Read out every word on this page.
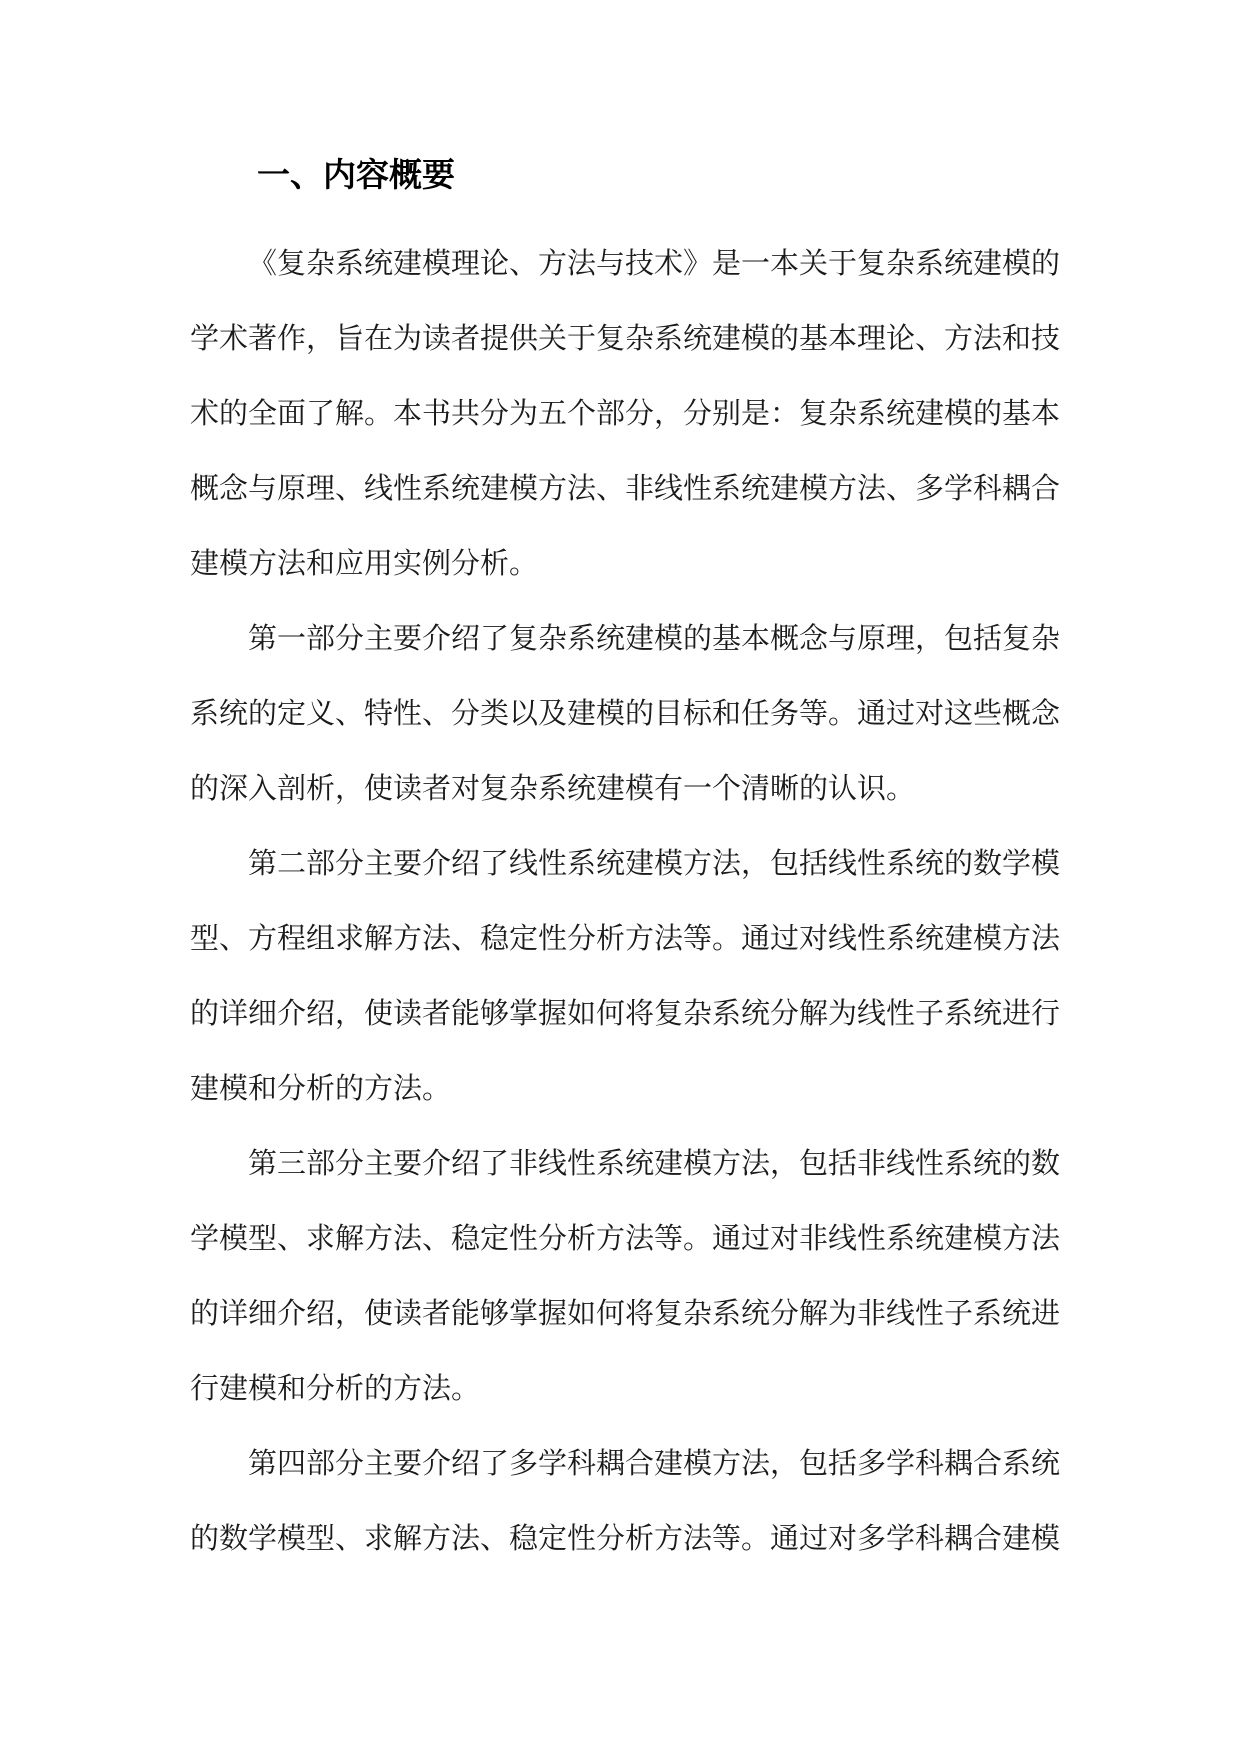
一、内容概要
《复杂系统建模理论、方法与技术》是一本关于复杂系统建模的
学术著作，旨在为读者提供关于复杂系统建模的基本理论、方法和技
术的全面了解。本书共分为五个部分，分别是：复杂系统建模的基本
概念与原理、线性系统建模方法、非线性系统建模方法、多学科耦合
建模方法和应用实例分析。
第一部分主要介绍了复杂系统建模的基本概念与原理，包括复杂
系统的定义、特性、分类以及建模的目标和任务等。通过对这些概念
的深入剖析，使读者对复杂系统建模有一个清晰的认识。
第二部分主要介绍了线性系统建模方法，包括线性系统的数学模
型、方程组求解方法、稳定性分析方法等。通过对线性系统建模方法
的详细介绍，使读者能够掌握如何将复杂系统分解为线性子系统进行
建模和分析的方法。
第三部分主要介绍了非线性系统建模方法，包括非线性系统的数
学模型、求解方法、稳定性分析方法等。通过对非线性系统建模方法
的详细介绍，使读者能够掌握如何将复杂系统分解为非线性子系统进
行建模和分析的方法。
第四部分主要介绍了多学科耦合建模方法，包括多学科耦合系统
的数学模型、求解方法、稳定性分析方法等。通过对多学科耦合建模
